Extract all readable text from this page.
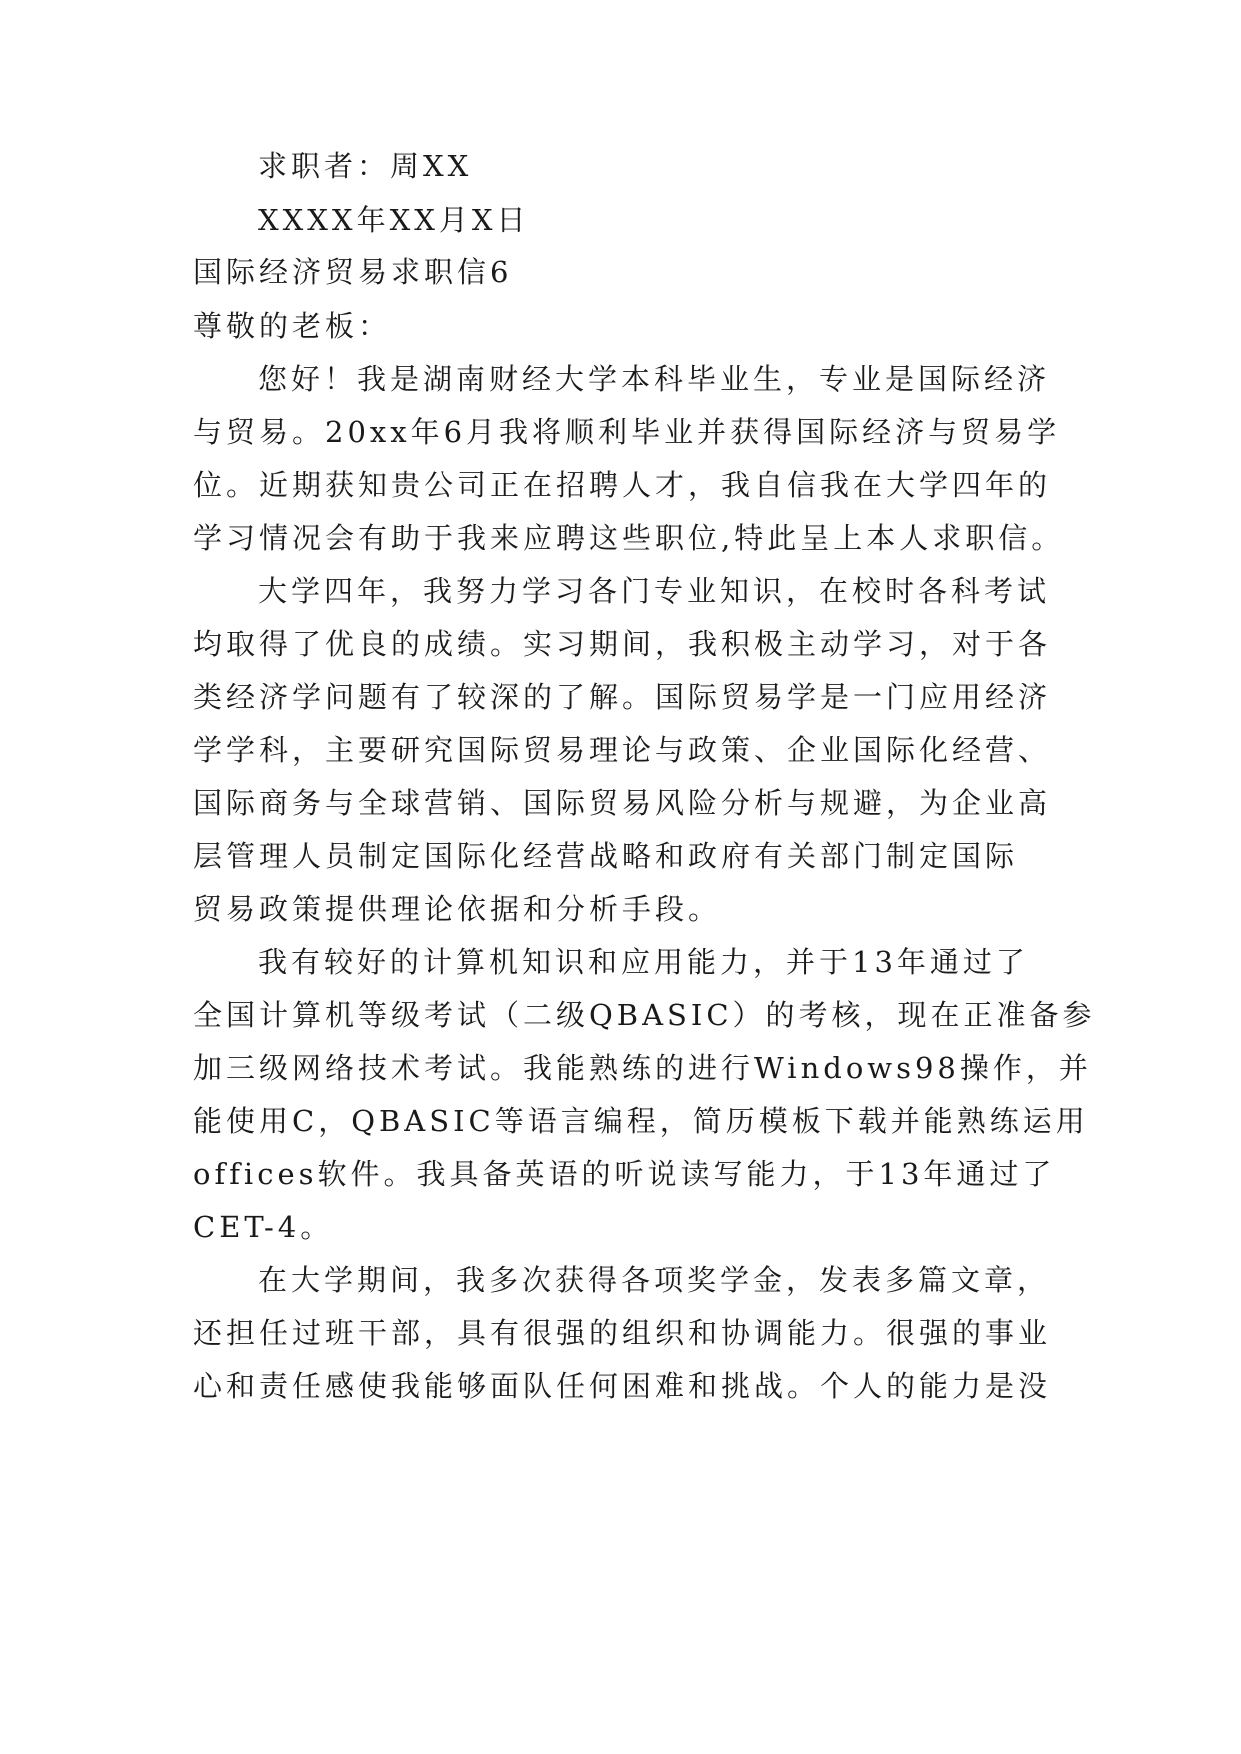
求职者：周XX
XXXX年XX月X日
国际经济贸易求职信6
尊敬的老板：
您好！我是湖南财经大学本科毕业生，专业是国际经济
与贸易。20xx年6月我将顺利毕业并获得国际经济与贸易学
位。近期获知贵公司正在招聘人才，我自信我在大学四年的
学习情况会有助于我来应聘这些职位,特此呈上本人求职信。
大学四年，我努力学习各门专业知识，在校时各科考试
均取得了优良的成绩。实习期间，我积极主动学习，对于各
类经济学问题有了较深的了解。国际贸易学是一门应用经济
学学科，主要研究国际贸易理论与政策、企业国际化经营、
国际商务与全球营销、国际贸易风险分析与规避，为企业高
层管理人员制定国际化经营战略和政府有关部门制定国际
贸易政策提供理论依据和分析手段。
我有较好的计算机知识和应用能力，并于13年通过了
全国计算机等级考试（二级QBASIC）的考核，现在正准备参
加三级网络技术考试。我能熟练的进行Windows98操作，并
能使用C，QBASIC等语言编程，简历模板下载并能熟练运用
offices软件。我具备英语的听说读写能力，于13年通过了
CET-4。
在大学期间，我多次获得各项奖学金，发表多篇文章，
还担任过班干部，具有很强的组织和协调能力。很强的事业
心和责任感使我能够面队任何困难和挑战。个人的能力是没
